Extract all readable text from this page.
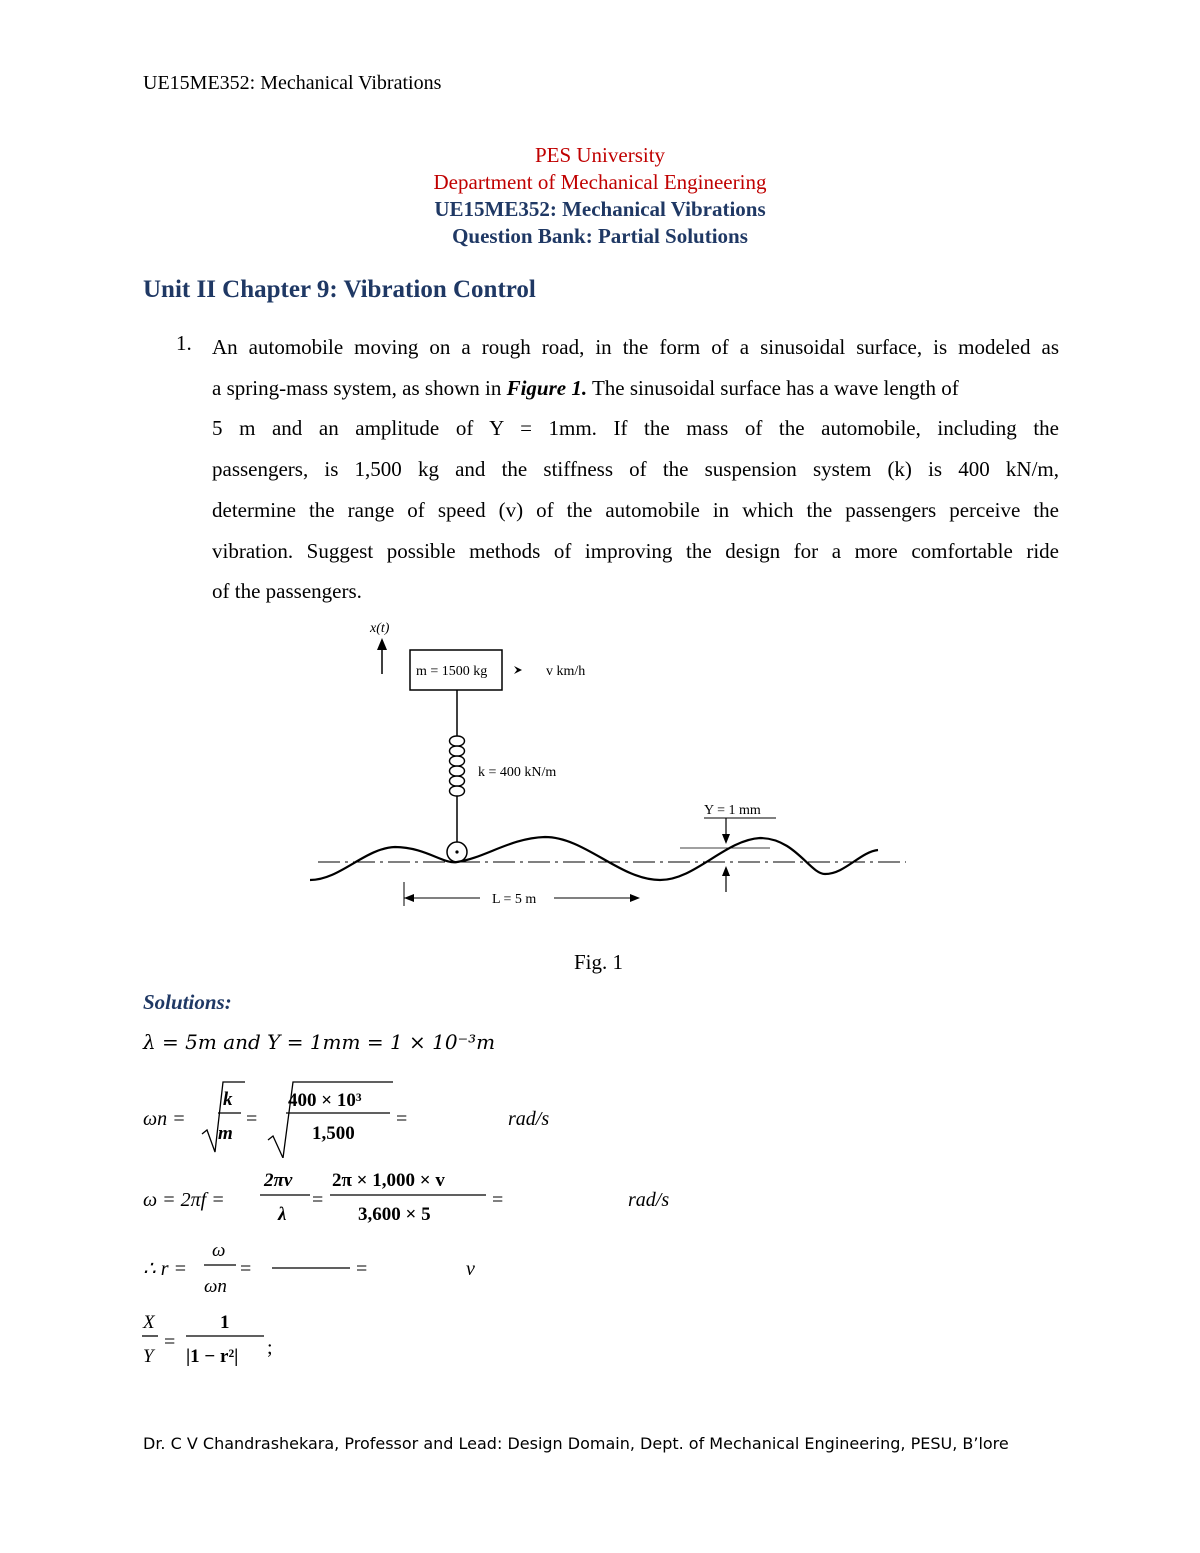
UE15ME352: Mechanical Vibrations
PES University
Department of Mechanical Engineering
UE15ME352: Mechanical Vibrations
Question Bank: Partial Solutions
Unit II Chapter 9: Vibration Control
1. An automobile moving on a rough road, in the form of a sinusoidal surface, is modeled as
a spring-mass system, as shown in Figure 1. The sinusoidal surface has a wave length of
5 m and an amplitude of Y = 1mm. If the mass of the automobile, including the
passengers, is 1,500 kg and the stiffness of the suspension system (k) is 400 kN/m,
determine the range of speed (v) of the automobile in which the passengers perceive the
vibration. Suggest possible methods of improving the design for a more comfortable ride
of the passengers.
x(t)
m = 1500 kg	v km/h
k = 400 kN/m
Y = 1 mm
L = 5 m
Fig. 1
Solutions:
λ = 5m and Y = 1mm = 1 × 10⁻³m
ωn =
k
m
=
400 × 10³
1,500
=	rad/s
ω = 2πf =
2πv
λ
=
2π × 1,000 × v
3,600 × 5
=	rad/s
∴ r =
ω
ωn
=	=	v
X
Y
=
1
|1 − r²| ;
Dr. C V Chandrashekara, Professor and Lead: Design Domain, Dept. of Mechanical Engineering, PESU, B’lore
